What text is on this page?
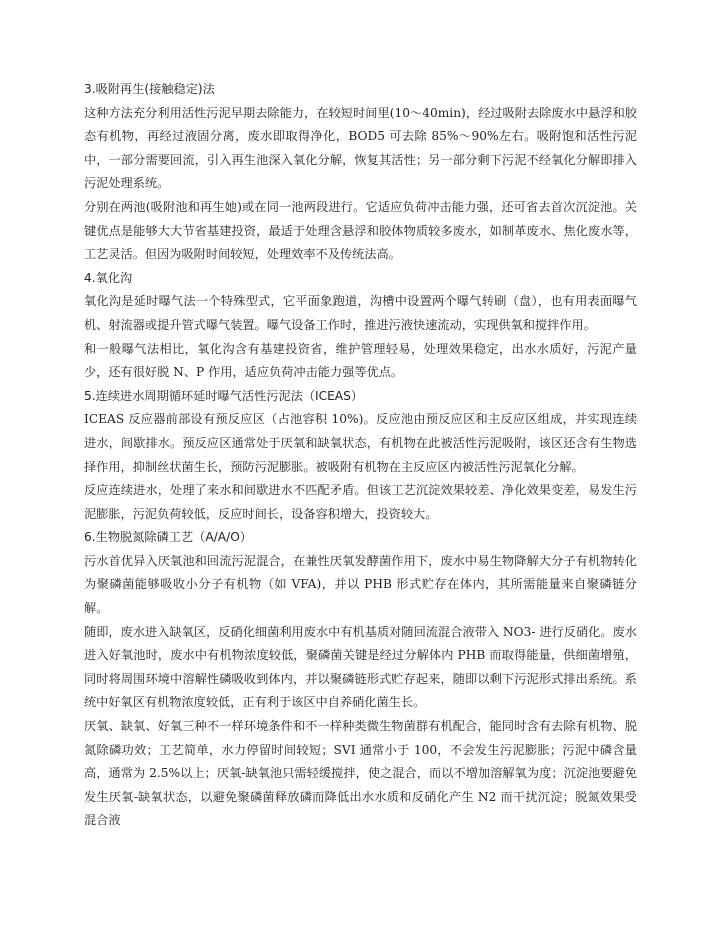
3.吸附再生(接触稳定)法

这种方法充分利用活性污泥早期去除能力，在较短时间里(10～40min)，经过吸附去除废水中悬浮和胶态有机物，再经过液固分离，废水即取得净化，BOD5 可去除 85%～90%左右。吸附饱和活性污泥中，一部分需要回流，引入再生池深入氧化分解，恢复其活性；另一部分剩下污泥不经氧化分解即排入污泥处理系统。

分别在两池(吸附池和再生她)或在同一池两段进行。它适应负荷冲击能力强，还可省去首次沉淀池。关键优点是能够大大节省基建投资，最适于处理含悬浮和胶体物质较多废水，如制革废水、焦化废水等，工艺灵活。但因为吸附时间较短，处理效率不及传统法高。

4.氧化沟

氧化沟是延时曝气法一个特殊型式，它平面象跑道，沟槽中设置两个曝气转刷（盘），也有用表面曝气机、射流器或提升管式曝气装置。曝气设备工作时，推进污液快速流动，实现供氧和搅拌作用。

和一般曝气法相比，氧化沟含有基建投资省，维护管理轻易，处理效果稳定，出水水质好，污泥产量少，还有很好脱 N、P 作用，适应负荷冲击能力强等优点。

5.连续进水周期循环延时曝气活性污泥法（ICEAS）

ICEAS 反应器前部设有预反应区（占池容积 10%)。反应池由预反应区和主反应区组成，并实现连续进水，间歇排水。预反应区通常处于厌氧和缺氧状态，有机物在此被活性污泥吸附，该区还含有生物选择作用，抑制丝状菌生长，预防污泥膨胀。被吸附有机物在主反应区内被活性污泥氧化分解。

反应连续进水，处理了来水和间歇进水不匹配矛盾。但该工艺沉淀效果较差、净化效果变差，易发生污泥膨胀，污泥负荷较低，反应时间长，设备容积增大，投资较大。

6.生物脱氮除磷工艺（A/A/O）

污水首优异入厌氧池和回流污泥混合，在兼性厌氧发酵菌作用下，废水中易生物降解大分子有机物转化为聚磷菌能够吸收小分子有机物（如 VFA)，并以 PHB 形式贮存在体内，其所需能量来自聚磷链分解。

随即，废水进入缺氧区，反硝化细菌利用废水中有机基质对随回流混合液带入 NO3- 进行反硝化。废水进入好氧池时，废水中有机物浓度较低，聚磷菌关键是经过分解体内 PHB 而取得能量，供细菌增殖，同时将周围环境中溶解性磷吸收到体内，并以聚磷链形式贮存起来，随即以剩下污泥形式排出系统。系统中好氧区有机物浓度较低，正有利于该区中自养硝化菌生长。

厌氧、缺氧、好氧三种不一样环境条件和不一样种类微生物菌群有机配合，能同时含有去除有机物、脱氮除磷功效；工艺简单，水力停留时间较短；SVI 通常小于 100，不会发生污泥膨胀；污泥中磷含量高，通常为 2.5%以上；厌氧-缺氧池只需轻缓搅拌，使之混合，而以不增加溶解氧为度；沉淀池要避免发生厌氧-缺氧状态，以避免聚磷菌释放磷而降低出水水质和反硝化产生 N2 而干扰沉淀；脱氮效果受混合液
